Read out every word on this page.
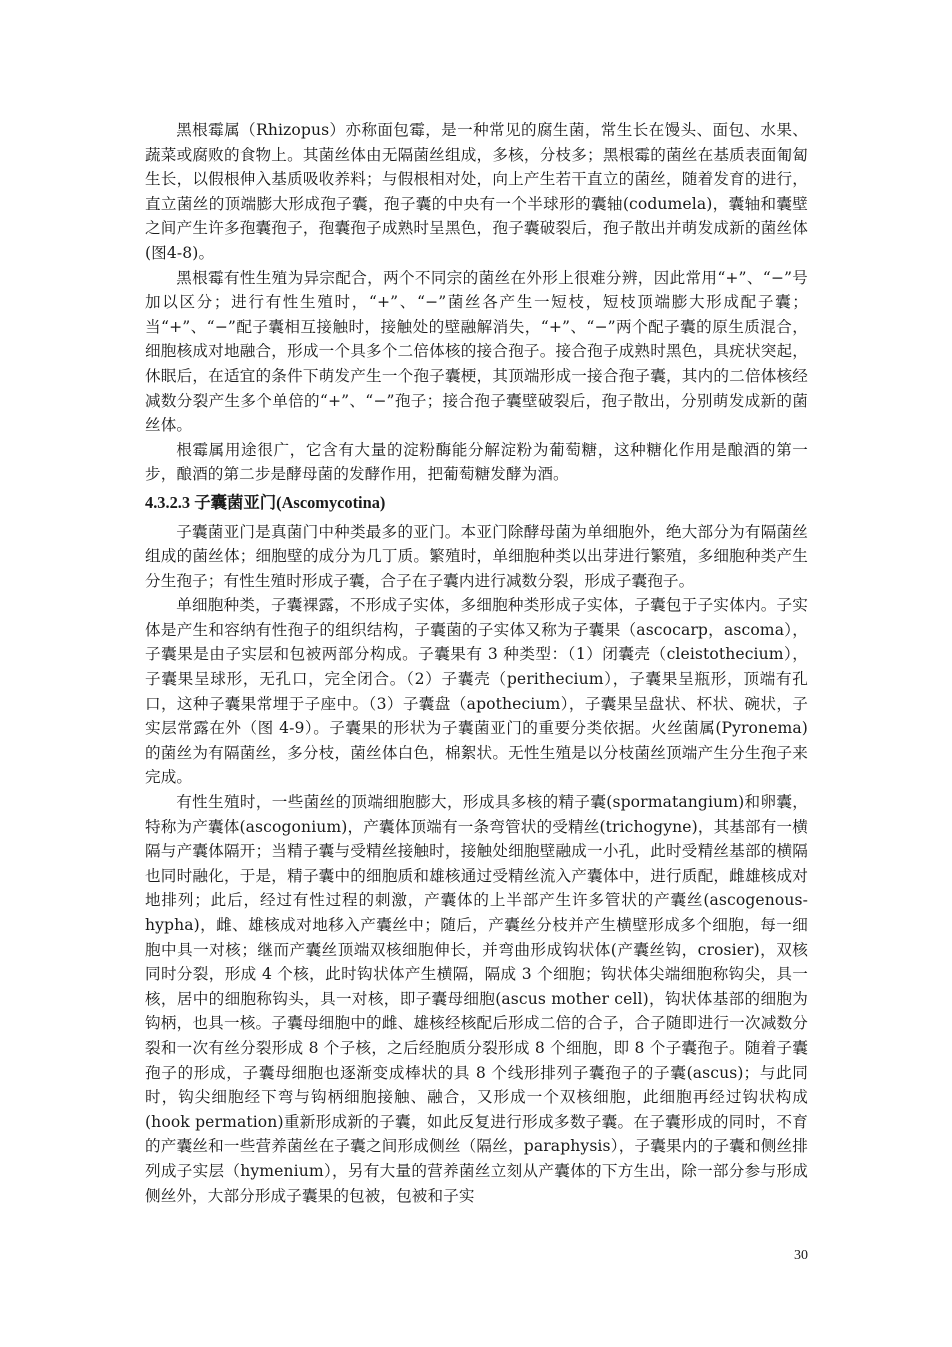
黑根霉属（Rhizopus）亦称面包霉，是一种常见的腐生菌，常生长在馒头、面包、水果、蔬菜或腐败的食物上。其菌丝体由无隔菌丝组成，多核，分枝多；黑根霉的菌丝在基质表面匍匐生长，以假根伸入基质吸收养料；与假根相对处，向上产生若干直立的菌丝，随着发育的进行，直立菌丝的顶端膨大形成孢子囊，孢子囊的中央有一个半球形的囊轴(codumela)，囊轴和囊壁之间产生许多孢囊孢子，孢囊孢子成熟时呈黑色，孢子囊破裂后，孢子散出并萌发成新的菌丝体(图4-8)。

黑根霉有性生殖为异宗配合，两个不同宗的菌丝在外形上很难分辨，因此常用“+”、“−”号加以区分；进行有性生殖时，“+”、“−”菌丝各产生一短枝，短枝顶端膨大形成配子囊；当“+”、“−”配子囊相互接触时，接触处的壁融解消失，“+”、“−”两个配子囊的原生质混合，细胞核成对地融合，形成一个具多个二倍体核的接合孢子。接合孢子成熟时黑色，具疣状突起，休眠后，在适宜的条件下萌发产生一个孢子囊梗，其顶端形成一接合孢子囊，其内的二倍体核经减数分裂产生多个单倍的“+”、“−”孢子；接合孢子囊壁破裂后，孢子散出，分别萌发成新的菌丝体。

根霉属用途很广，它含有大量的淀粉酶能分解淀粉为葡萄糖，这种糖化作用是酿酒的第一步，酿酒的第二步是酵母菌的发酵作用，把葡萄糖发酵为酒。

4.3.2.3 子囊菌亚门(Ascomycotina)

子囊菌亚门是真菌门中种类最多的亚门。本亚门除酵母菌为单细胞外，绝大部分为有隔菌丝组成的菌丝体；细胞壁的成分为几丁质。繁殖时，单细胞种类以出芽进行繁殖，多细胞种类产生分生孢子；有性生殖时形成子囊，合子在子囊内进行减数分裂，形成子囊孢子。

单细胞种类，子囊裸露，不形成子实体，多细胞种类形成子实体，子囊包于子实体内。子实体是产生和容纳有性孢子的组织结构，子囊菌的子实体又称为子囊果（ascocarp，ascoma），子囊果是由子实层和包被两部分构成。子囊果有 3 种类型：（1）闭囊壳（cleistothecium），子囊果呈球形，无孔口，完全闭合。（2）子囊壳（perithecium），子囊果呈瓶形，顶端有孔口，这种子囊果常埋于子座中。（3）子囊盘（apothecium），子囊果呈盘状、杯状、碗状，子实层常露在外（图 4-9）。子囊果的形状为子囊菌亚门的重要分类依据。火丝菌属(Pyronema)的菌丝为有隔菌丝，多分枝，菌丝体白色，棉絮状。无性生殖是以分枝菌丝顶端产生分生孢子来完成。

有性生殖时，一些菌丝的顶端细胞膨大，形成具多核的精子囊(spormatangium)和卵囊，特称为产囊体(ascogonium)，产囊体顶端有一条弯管状的受精丝(trichogyne)，其基部有一横隔与产囊体隔开；当精子囊与受精丝接触时，接触处细胞壁融成一小孔，此时受精丝基部的横隔也同时融化，于是，精子囊中的细胞质和雄核通过受精丝流入产囊体中，进行质配，雌雄核成对地排列；此后，经过有性过程的刺激，产囊体的上半部产生许多管状的产囊丝(ascogenous-hypha)，雌、雄核成对地移入产囊丝中；随后，产囊丝分枝并产生横壁形成多个细胞，每一细胞中具一对核；继而产囊丝顶端双核细胞伸长，并弯曲形成钩状体(产囊丝钩，crosier)，双核同时分裂，形成 4 个核，此时钩状体产生横隔，隔成 3 个细胞；钩状体尖端细胞称钩尖，具一核，居中的细胞称钩头，具一对核，即子囊母细胞(ascus mother cell)，钩状体基部的细胞为钩柄，也具一核。子囊母细胞中的雌、雄核经核配后形成二倍的合子，合子随即进行一次减数分裂和一次有丝分裂形成 8 个子核，之后经胞质分裂形成 8 个细胞，即 8 个子囊孢子。随着子囊孢子的形成，子囊母细胞也逐渐变成棒状的具 8 个线形排列子囊孢子的子囊(ascus)；与此同时，钩尖细胞经下弯与钩柄细胞接触、融合，又形成一个双核细胞，此细胞再经过钩状构成(hook permation)重新形成新的子囊，如此反复进行形成多数子囊。在子囊形成的同时，不育的产囊丝和一些营养菌丝在子囊之间形成侧丝（隔丝，paraphysis），子囊果内的子囊和侧丝排列成子实层（hymenium），另有大量的营养菌丝立刻从产囊体的下方生出，除一部分参与形成侧丝外，大部分形成子囊果的包被，包被和子实

30
